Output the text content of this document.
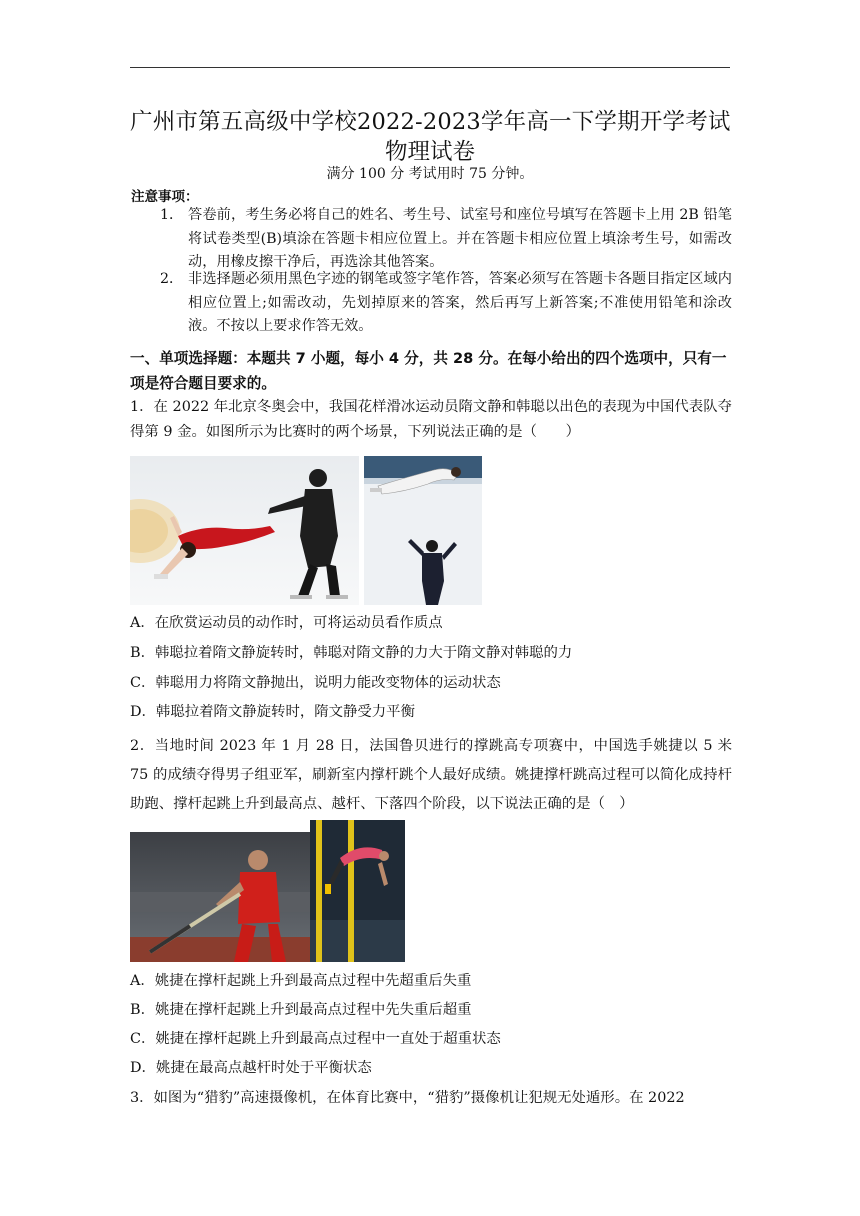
广州市第五高级中学校2022-2023学年高一下学期开学考试
物理试卷
满分 100 分 考试用时 75 分钟。
注意事项：
1． 答卷前，考生务必将自己的姓名、考生号、试室号和座位号填写在答题卡上用 2B 铅笔将试卷类型(B)填涂在答题卡相应位置上。并在答题卡相应位置上填涂考生号，如需改动，用橡皮擦干净后，再选涂其他答案。
2． 非选择题必须用黑色字迹的钢笔或签字笔作答，答案必须写在答题卡各题目指定区域内相应位置上;如需改动，先划掉原来的答案，然后再写上新答案;不准使用铅笔和涂改液。不按以上要求作答无效。
一、单项选择题：本题共 7 小题，每小 4 分，共 28 分。在每小给出的四个选项中，只有一项是符合题目要求的。
1．在 2022 年北京冬奥会中，我国花样滑冰运动员隋文静和韩聪以出色的表现为中国代表队夺得第 9 金。如图所示为比赛时的两个场景，下列说法正确的是（　　）
A．在欣赏运动员的动作时，可将运动员看作质点
B．韩聪拉着隋文静旋转时，韩聪对隋文静的力大于隋文静对韩聪的力
C．韩聪用力将隋文静抛出，说明力能改变物体的运动状态
D．韩聪拉着隋文静旋转时，隋文静受力平衡
2．当地时间 2023 年 1 月 28 日，法国鲁贝进行的撑跳高专项赛中，中国选手姚捷以 5 米 75 的成绩夺得男子组亚军，刷新室内撑杆跳个人最好成绩。姚捷撑杆跳高过程可以简化成持杆助跑、撑杆起跳上升到最高点、越杆、下落四个阶段，以下说法正确的是（　）
A．姚捷在撑杆起跳上升到最高点过程中先超重后失重
B．姚捷在撑杆起跳上升到最高点过程中先失重后超重
C．姚捷在撑杆起跳上升到最高点过程中一直处于超重状态
D．姚捷在最高点越杆时处于平衡状态
3．如图为“猎豹”高速摄像机，在体育比赛中，“猎豹”摄像机让犯规无处遁形。在 2022
